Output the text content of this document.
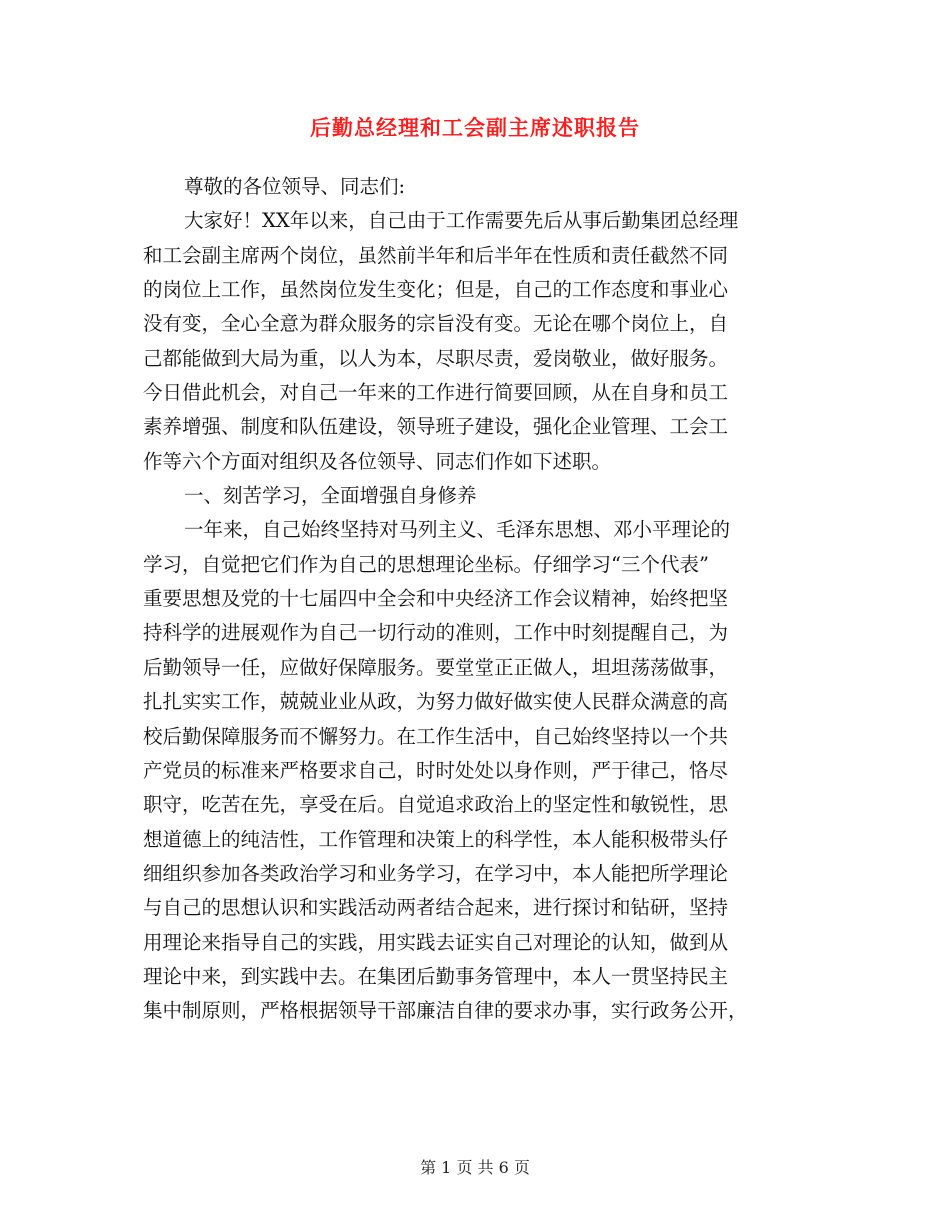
后勤总经理和工会副主席述职报告
尊敬的各位领导、同志们:
大家好！XX年以来，自己由于工作需要先后从事后勤集团总经理
和工会副主席两个岗位，虽然前半年和后半年在性质和责任截然不同
的岗位上工作，虽然岗位发生变化；但是，自己的工作态度和事业心
没有变，全心全意为群众服务的宗旨没有变。无论在哪个岗位上，自
己都能做到大局为重，以人为本，尽职尽责，爱岗敬业，做好服务。
今日借此机会，对自己一年来的工作进行简要回顾，从在自身和员工
素养增强、制度和队伍建设，领导班子建设，强化企业管理、工会工
作等六个方面对组织及各位领导、同志们作如下述职。
一、刻苦学习，全面增强自身修养
一年来，自己始终坚持对马列主义、毛泽东思想、邓小平理论的
学习，自觉把它们作为自己的思想理论坐标。仔细学习“三个代表”
重要思想及党的十七届四中全会和中央经济工作会议精神，始终把坚
持科学的进展观作为自己一切行动的准则，工作中时刻提醒自己，为
后勤领导一任，应做好保障服务。要堂堂正正做人，坦坦荡荡做事，
扎扎实实工作，兢兢业业从政，为努力做好做实使人民群众满意的高
校后勤保障服务而不懈努力。在工作生活中，自己始终坚持以一个共
产党员的标准来严格要求自己，时时处处以身作则，严于律己，恪尽
职守，吃苦在先，享受在后。自觉追求政治上的坚定性和敏锐性，思
想道德上的纯洁性，工作管理和决策上的科学性，本人能积极带头仔
细组织参加各类政治学习和业务学习，在学习中，本人能把所学理论
与自己的思想认识和实践活动两者结合起来，进行探讨和钻研，坚持
用理论来指导自己的实践，用实践去证实自己对理论的认知，做到从
理论中来，到实践中去。在集团后勤事务管理中，本人一贯坚持民主
集中制原则，严格根据领导干部廉洁自律的要求办事，实行政务公开，
第 1 页 共 6 页
